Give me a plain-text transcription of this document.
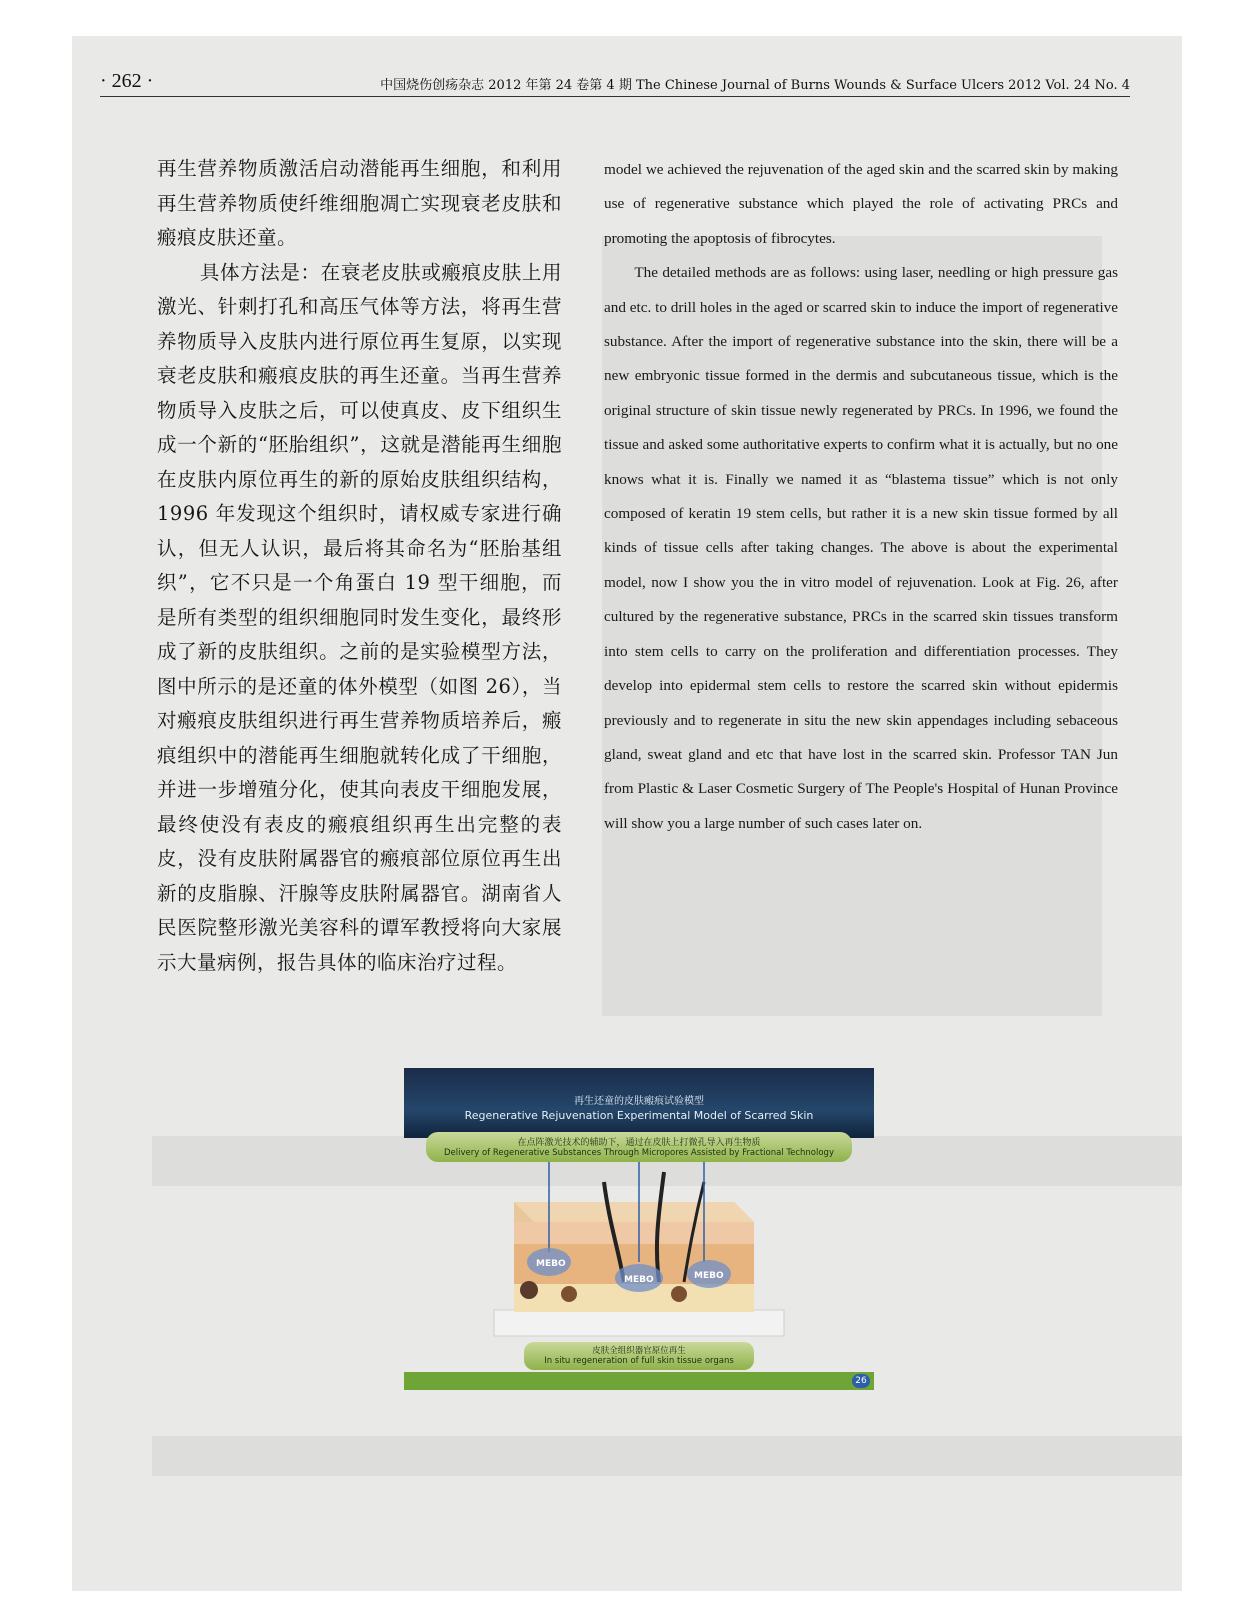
· 262 ·	中国烧伤创疡杂志 2012 年第 24 卷第 4 期 The Chinese Journal of Burns Wounds & Surface Ulcers 2012 Vol. 24 No. 4

再生营养物质激活启动潜能再生细胞，和利用再生营养物质使纤维细胞凋亡实现衰老皮肤和瘢痕皮肤还童。

具体方法是：在衰老皮肤或瘢痕皮肤上用激光、针刺打孔和高压气体等方法，将再生营养物质导入皮肤内进行原位再生复原，以实现衰老皮肤和瘢痕皮肤的再生还童。当再生营养物质导入皮肤之后，可以使真皮、皮下组织生成一个新的“胚胎组织”，这就是潜能再生细胞在皮肤内原位再生的新的原始皮肤组织结构，1996 年发现这个组织时，请权威专家进行确认，但无人认识，最后将其命名为“胚胎基组织”，它不只是一个角蛋白 19 型干细胞，而是所有类型的组织细胞同时发生变化，最终形成了新的皮肤组织。之前的是实验模型方法，图中所示的是还童的体外模型（如图 26），当对瘢痕皮肤组织进行再生营养物质培养后，瘢痕组织中的潜能再生细胞就转化成了干细胞，并进一步增殖分化，使其向表皮干细胞发展，最终使没有表皮的瘢痕组织再生出完整的表皮，没有皮肤附属器官的瘢痕部位原位再生出新的皮脂腺、汗腺等皮肤附属器官。湖南省人民医院整形激光美容科的谭军教授将向大家展示大量病例，报告具体的临床治疗过程。

model we achieved the rejuvenation of the aged skin and the scarred skin by making use of regenerative substance which played the role of activating PRCs and promoting the apoptosis of fibrocytes.

The detailed methods are as follows: using laser, needling or high pressure gas and etc. to drill holes in the aged or scarred skin to induce the import of regenerative substance. After the import of regenerative substance into the skin, there will be a new embryonic tissue formed in the dermis and subcutaneous tissue, which is the original structure of skin tissue newly regenerated by PRCs. In 1996, we found the tissue and asked some authoritative experts to confirm what it is actually, but no one knows what it is. Finally we named it as “blastema tissue” which is not only composed of keratin 19 stem cells, but rather it is a new skin tissue formed by all kinds of tissue cells after taking changes. The above is about the experimental model, now I show you the in vitro model of rejuvenation. Look at Fig. 26, after cultured by the regenerative substance, PRCs in the scarred skin tissues transform into stem cells to carry on the proliferation and differentiation processes. They develop into epidermal stem cells to restore the scarred skin without epidermis previously and to regenerate in situ the new skin appendages including sebaceous gland, sweat gland and etc that have lost in the scarred skin. Professor TAN Jun from Plastic & Laser Cosmetic Surgery of The People's Hospital of Hunan Province will show you a large number of such cases later on.

再生还童的皮肤瘢痕试验模型
Regenerative Rejuvenation Experimental Model of Scarred Skin
MEBO
MEBO	MEBO
在点阵激光技术的辅助下，通过在皮肤上打微孔导入再生物质
Delivery of Regenerative Substances Through Micropores Assisted by Fractional Technology
皮肤全组织器官原位再生
In situ regeneration of full skin tissue organs
26
